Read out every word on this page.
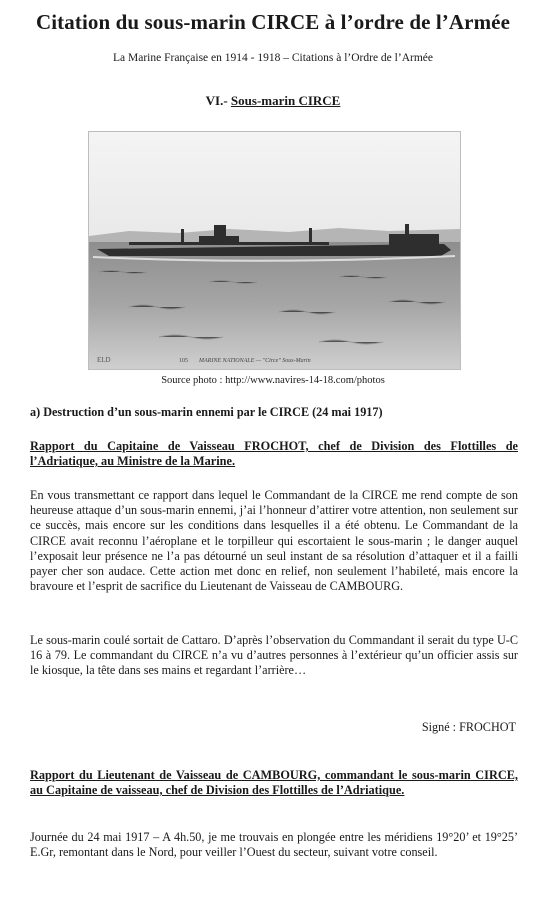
Citation du sous-marin CIRCE à l’ordre de l’Armée
La Marine Française en 1914 - 1918 – Citations à l’Ordre de l’Armée
VI.- Sous-marin CIRCE
ELD	105 MARINE NATIONALE — "Circe" Sous-Marin
Source photo : http://www.navires-14-18.com/photos
a) Destruction d’un sous-marin ennemi par le CIRCE (24 mai 1917)
Rapport du Capitaine de Vaisseau FROCHOT, chef de Division des Flottilles de l’Adriatique, au Ministre de la Marine.
En vous transmettant ce rapport dans lequel le Commandant de la CIRCE me rend compte de son heureuse attaque d’un sous-marin ennemi, j’ai l’honneur d’attirer votre attention, non seulement sur ce succès, mais encore sur les conditions dans lesquelles il a été obtenu. Le Commandant de la CIRCE avait reconnu l’aéroplane et le torpilleur qui escortaient le sous-marin ; le danger auquel l’exposait leur présence ne l’a pas détourné un seul instant de sa résolution d’attaquer et il a failli payer cher son audace. Cette action met donc en relief, non seulement l’habileté, mais encore la bravoure et l’esprit de sacrifice du Lieutenant de Vaisseau de CAMBOURG.
Le sous-marin coulé sortait de Cattaro. D’après l’observation du Commandant il serait du type U-C 16 à 79. Le commandant du CIRCE n’a vu d’autres personnes à l’extérieur qu’un officier assis sur le kiosque, la tête dans ses mains et regardant l’arrière…
Signé : FROCHOT
Rapport du Lieutenant de Vaisseau de CAMBOURG, commandant le sous-marin CIRCE, au Capitaine de vaisseau, chef de Division des Flottilles de l’Adriatique.
Journée du 24 mai 1917 – A 4h.50, je me trouvais en plongée entre les méridiens 19°20’ et 19°25’ E.Gr, remontant dans le Nord, pour veiller l’Ouest du secteur, suivant votre conseil.
